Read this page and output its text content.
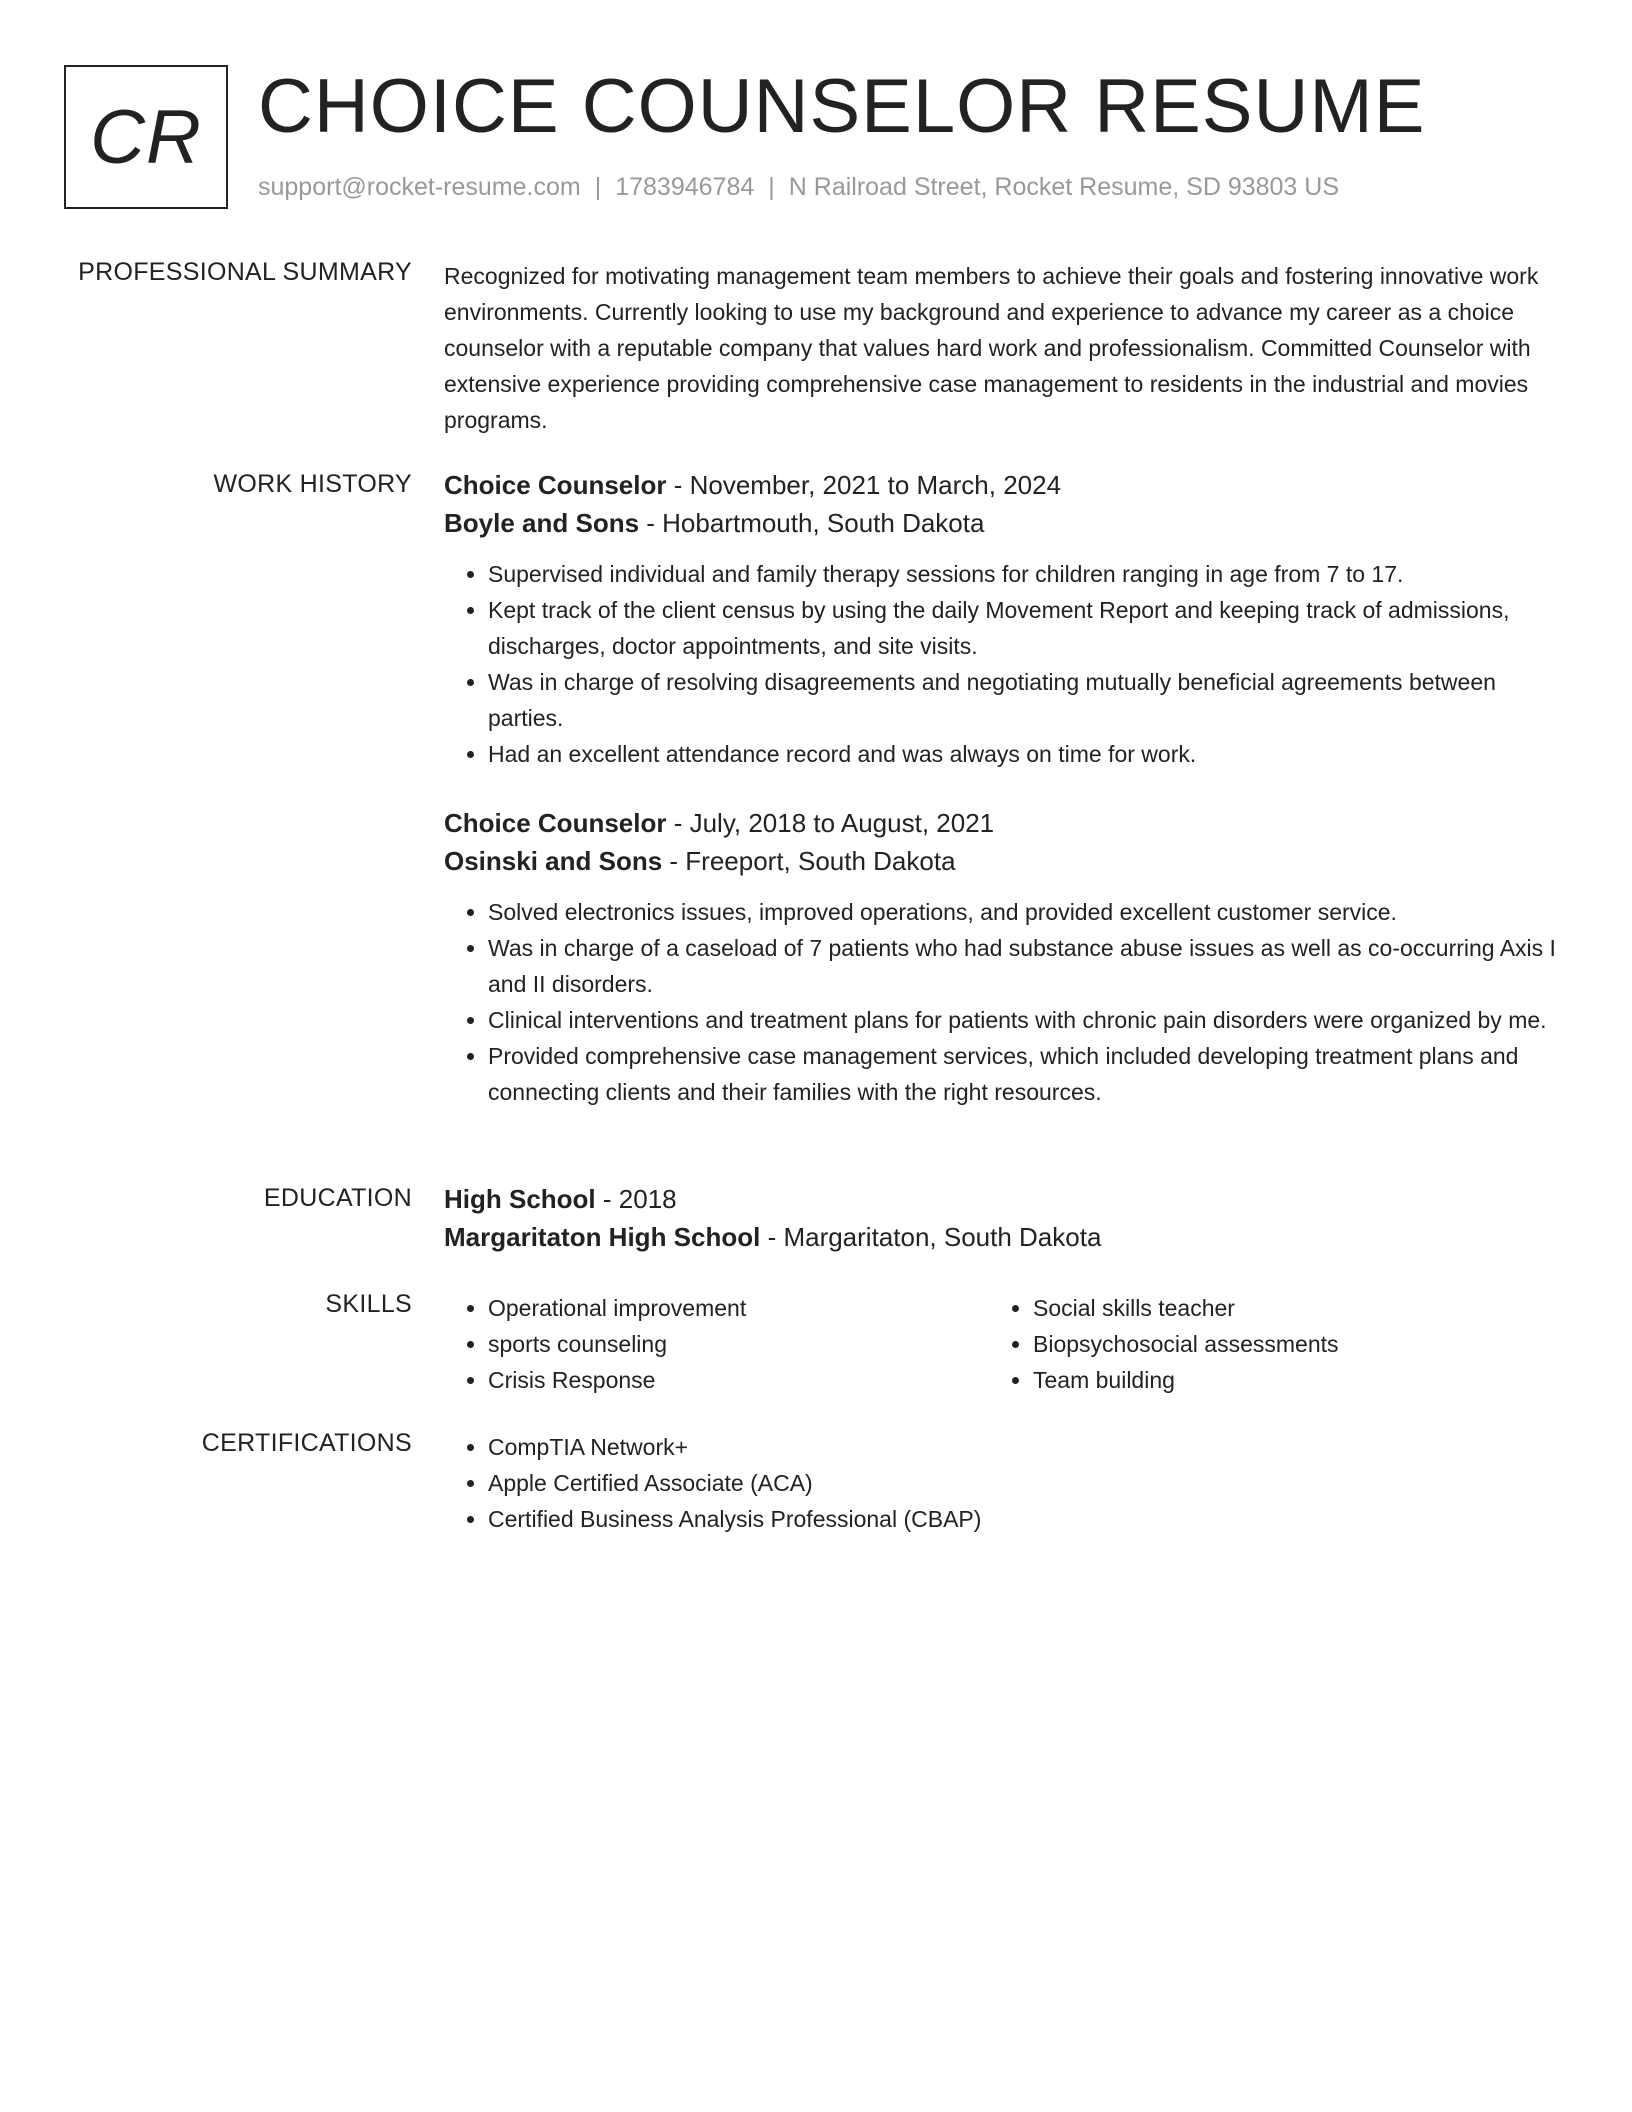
CR CHOICE COUNSELOR RESUME
support@rocket-resume.com | 1783946784 | N Railroad Street, Rocket Resume, SD 93803 US
PROFESSIONAL SUMMARY Recognized for motivating management team members to achieve their goals and fostering innovative work environments. Currently looking to use my background and experience to advance my career as a choice counselor with a reputable company that values hard work and professionalism. Committed Counselor with extensive experience providing comprehensive case management to residents in the industrial and movies programs.

WORK HISTORY Choice Counselor - November, 2021 to March, 2024

Boyle and Sons - Hobartmouth, South Dakota

• Supervised individual and family therapy sessions for children ranging in age from 7 to 17.
• Kept track of the client census by using the daily Movement Report and keeping track of admissions, discharges, doctor appointments, and site visits.
• Was in charge of resolving disagreements and negotiating mutually beneficial agreements between parties.
• Had an excellent attendance record and was always on time for work.

Choice Counselor - July, 2018 to August, 2021

Osinski and Sons - Freeport, South Dakota

• Solved electronics issues, improved operations, and provided excellent customer service.
• Was in charge of a caseload of 7 patients who had substance abuse issues as well as co-occurring Axis I and II disorders.
• Clinical interventions and treatment plans for patients with chronic pain disorders were organized by me.
• Provided comprehensive case management services, which included developing treatment plans and connecting clients and their families with the right resources.
EDUCATION High School - 2018

Margaritaton High School - Margaritaton, South Dakota

SKILLS	• Operational improvement
• sports counseling
• Crisis Response
• Social skills teacher
• Biopsychosocial assessments
• Team building
CERTIFICATIONS	• CompTIA Network+
• Apple Certified Associate (ACA)
• Certified Business Analysis Professional (CBAP)
